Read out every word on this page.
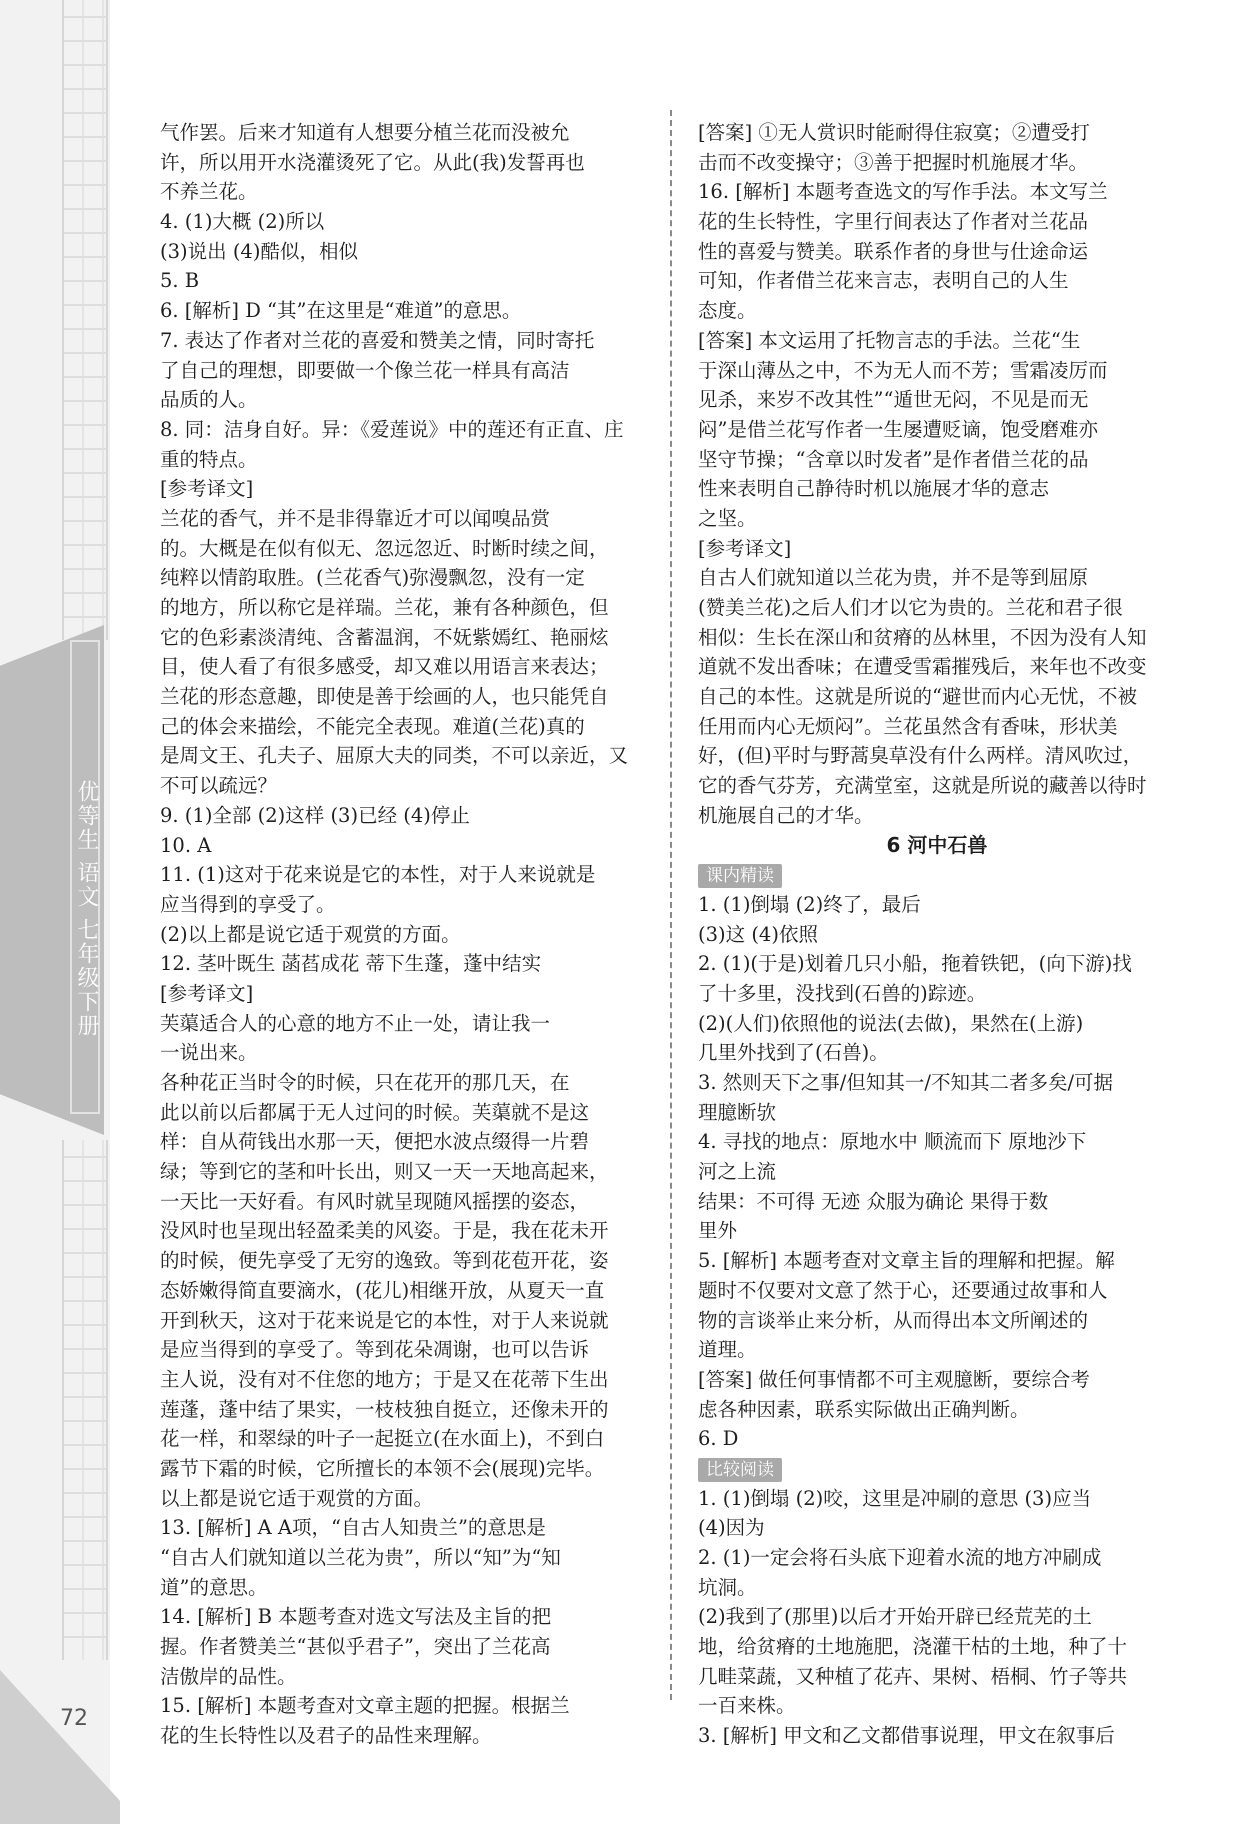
优等生 语文 七年级下册
72
气作罢。后来才知道有人想要分植兰花而没被允
许，所以用开水浇灌烫死了它。从此(我)发誓再也
不养兰花。
4. (1)大概 (2)所以
(3)说出 (4)酷似，相似
5. B
6. [解析] D “其”在这里是“难道”的意思。
7. 表达了作者对兰花的喜爱和赞美之情，同时寄托
了自己的理想，即要做一个像兰花一样具有高洁
品质的人。
8. 同：洁身自好。异：《爱莲说》中的莲还有正直、庄
重的特点。
[参考译文]
兰花的香气，并不是非得靠近才可以闻嗅品赏
的。大概是在似有似无、忽远忽近、时断时续之间，
纯粹以情韵取胜。(兰花香气)弥漫飘忽，没有一定
的地方，所以称它是祥瑞。兰花，兼有各种颜色，但
它的色彩素淡清纯、含蓄温润，不妩紫嫣红、艳丽炫
目，使人看了有很多感受，却又难以用语言来表达；
兰花的形态意趣，即使是善于绘画的人，也只能凭自
己的体会来描绘，不能完全表现。难道(兰花)真的
是周文王、孔夫子、屈原大夫的同类，不可以亲近，又
不可以疏远？
9. (1)全部 (2)这样 (3)已经 (4)停止
10. A
11. (1)这对于花来说是它的本性，对于人来说就是
应当得到的享受了。
(2)以上都是说它适于观赏的方面。
12. 茎叶既生 菡萏成花 蒂下生蓬，蓬中结实
[参考译文]
芙蕖适合人的心意的地方不止一处，请让我一
一说出来。
各种花正当时令的时候，只在花开的那几天，在
此以前以后都属于无人过问的时候。芙蕖就不是这
样：自从荷钱出水那一天，便把水波点缀得一片碧
绿；等到它的茎和叶长出，则又一天一天地高起来，
一天比一天好看。有风时就呈现随风摇摆的姿态，
没风时也呈现出轻盈柔美的风姿。于是，我在花未开
的时候，便先享受了无穷的逸致。等到花苞开花，姿
态娇嫩得简直要滴水，(花儿)相继开放，从夏天一直
开到秋天，这对于花来说是它的本性，对于人来说就
是应当得到的享受了。等到花朵凋谢，也可以告诉
主人说，没有对不住您的地方；于是又在花蒂下生出
莲蓬，蓬中结了果实，一枝枝独自挺立，还像未开的
花一样，和翠绿的叶子一起挺立(在水面上)，不到白
露节下霜的时候，它所擅长的本领不会(展现)完毕。
以上都是说它适于观赏的方面。
13. [解析] A A项，“自古人知贵兰”的意思是
“自古人们就知道以兰花为贵”，所以“知”为“知
道”的意思。
14. [解析] B 本题考查对选文写法及主旨的把
握。作者赞美兰“甚似乎君子”，突出了兰花高
洁傲岸的品性。
15. [解析] 本题考查对文章主题的把握。根据兰
花的生长特性以及君子的品性来理解。
[答案] ①无人赏识时能耐得住寂寞；②遭受打
击而不改变操守；③善于把握时机施展才华。
16. [解析] 本题考查选文的写作手法。本文写兰
花的生长特性，字里行间表达了作者对兰花品
性的喜爱与赞美。联系作者的身世与仕途命运
可知，作者借兰花来言志，表明自己的人生
态度。
[答案] 本文运用了托物言志的手法。兰花“生
于深山薄丛之中，不为无人而不芳；雪霜凌厉而
见杀，来岁不改其性”“遁世无闷，不见是而无
闷”是借兰花写作者一生屡遭贬谪，饱受磨难亦
坚守节操；“含章以时发者”是作者借兰花的品
性来表明自己静待时机以施展才华的意志
之坚。
[参考译文]
自古人们就知道以兰花为贵，并不是等到屈原
(赞美兰花)之后人们才以它为贵的。兰花和君子很
相似：生长在深山和贫瘠的丛林里，不因为没有人知
道就不发出香味；在遭受雪霜摧残后，来年也不改变
自己的本性。这就是所说的“避世而内心无忧，不被
任用而内心无烦闷”。兰花虽然含有香味，形状美
好，(但)平时与野蒿臭草没有什么两样。清风吹过，
它的香气芬芳，充满堂室，这就是所说的藏善以待时
机施展自己的才华。
6 河中石兽
课内精读
1. (1)倒塌 (2)终了，最后
(3)这 (4)依照
2. (1)(于是)划着几只小船，拖着铁钯，(向下游)找
了十多里，没找到(石兽的)踪迹。
(2)(人们)依照他的说法(去做)，果然在(上游)
几里外找到了(石兽)。
3. 然则天下之事/但知其一/不知其二者多矣/可据
理臆断欤
4. 寻找的地点：原地水中 顺流而下 原地沙下
河之上流
结果：不可得 无迹 众服为确论 果得于数
里外
5. [解析] 本题考查对文章主旨的理解和把握。解
题时不仅要对文意了然于心，还要通过故事和人
物的言谈举止来分析，从而得出本文所阐述的
道理。
[答案] 做任何事情都不可主观臆断，要综合考
虑各种因素，联系实际做出正确判断。
6. D
比较阅读
1. (1)倒塌 (2)咬，这里是冲刷的意思 (3)应当
(4)因为
2. (1)一定会将石头底下迎着水流的地方冲刷成
坑洞。
(2)我到了(那里)以后才开始开辟已经荒芜的土
地，给贫瘠的土地施肥，浇灌干枯的土地，种了十
几畦菜蔬，又种植了花卉、果树、梧桐、竹子等共
一百来株。
3. [解析] 甲文和乙文都借事说理，甲文在叙事后
